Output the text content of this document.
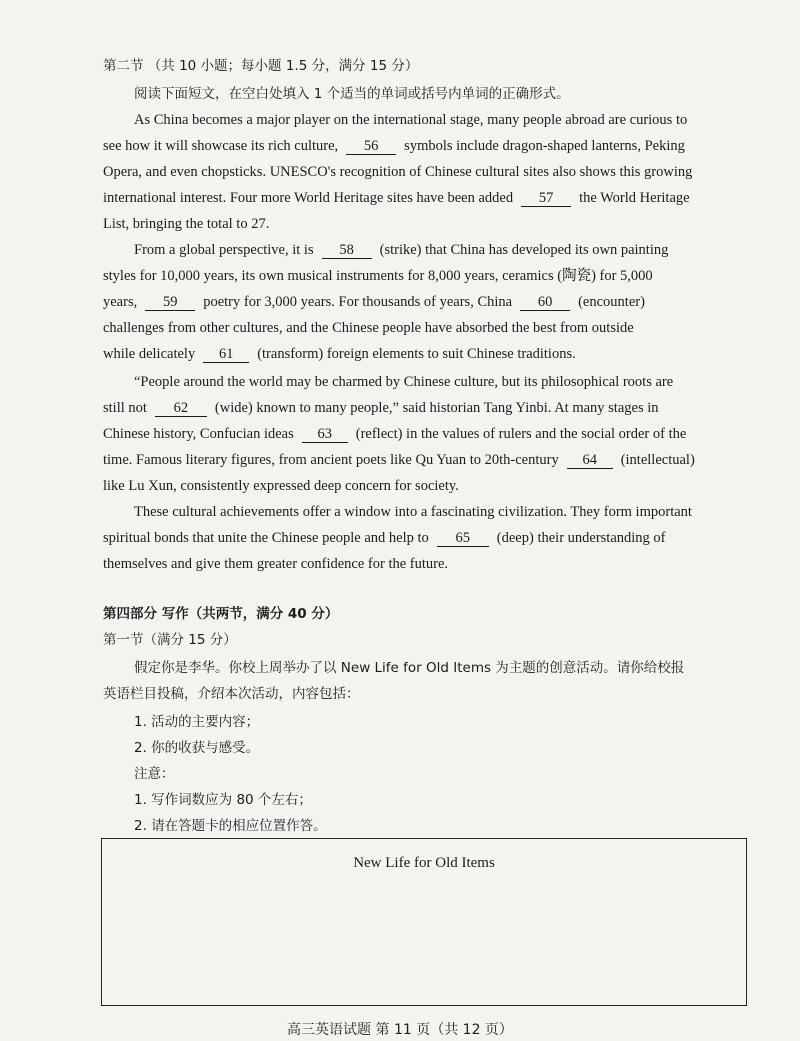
第二节 （共 10 小题；每小题 1.5 分，满分 15 分）
阅读下面短文，在空白处填入 1 个适当的单词或括号内单词的正确形式。
As China becomes a major player on the international stage, many people abroad are curious to
see how it will showcase its rich culture, 56 symbols include dragon-shaped lanterns, Peking
Opera, and even chopsticks. UNESCO's recognition of Chinese cultural sites also shows this growing
international interest. Four more World Heritage sites have been added 57 the World Heritage
List, bringing the total to 27.
From a global perspective, it is 58 (strike) that China has developed its own painting
styles for 10,000 years, its own musical instruments for 8,000 years, ceramics (陶瓷) for 5,000
years, 59 poetry for 3,000 years. For thousands of years, China 60 (encounter)
challenges from other cultures, and the Chinese people have absorbed the best from outside
while delicately 61 (transform) foreign elements to suit Chinese traditions.
“People around the world may be charmed by Chinese culture, but its philosophical roots are
still not 62 (wide) known to many people,” said historian Tang Yinbi. At many stages in
Chinese history, Confucian ideas 63 (reflect) in the values of rulers and the social order of the
time. Famous literary figures, from ancient poets like Qu Yuan to 20th-century 64 (intellectual)
like Lu Xun, consistently expressed deep concern for society.
These cultural achievements offer a window into a fascinating civilization. They form important
spiritual bonds that unite the Chinese people and help to 65 (deep) their understanding of
themselves and give them greater confidence for the future.
第四部分 写作（共两节，满分 40 分）
第一节（满分 15 分）
假定你是李华。你校上周举办了以 New Life for Old Items 为主题的创意活动。请你给校报
英语栏目投稿，介绍本次活动，内容包括：
1. 活动的主要内容；
2. 你的收获与感受。
注意：
1. 写作词数应为 80 个左右；
2. 请在答题卡的相应位置作答。
New Life for Old Items
高三英语试题 第 11 页（共 12 页）
